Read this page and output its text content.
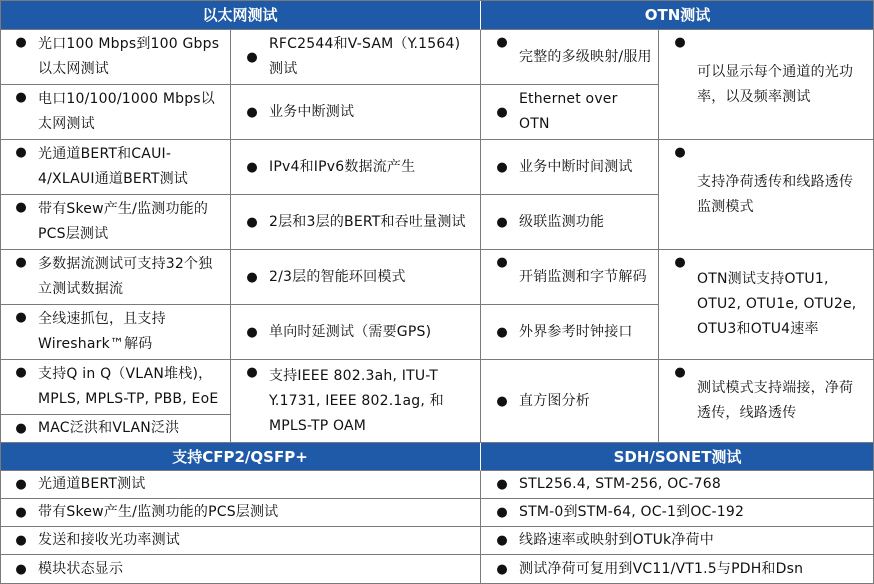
以太网测试	OTN测试
● 光口100 Mbps到100 Gbps以太网测试
● 电口10/100/1000 Mbps以太网测试
● 光通道BERT和CAUI-4/XLAUI通道BERT测试
● 带有Skew产生/监测功能的PCS层测试
● 多数据流测试可支持32个独立测试数据流
● 全线速抓包，且支持Wireshark™解码
● 支持Q in Q（VLAN堆栈)，MPLS, MPLS-TP, PBB, EoE
● MAC泛洪和VLAN泛洪
●
RFC2544和V-SAM（Y.1564)测试
● 业务中断测试
● IPv4和IPv6数据流产生
● 2层和3层的BERT和吞吐量测试
● 2/3层的智能环回模式
● 单向时延测试（需要GPS)
● 支持IEEE 802.3ah, ITU-T Y.1731, IEEE 802.1ag, 和MPLS-TP OAM
●
完整的多级映射/服用
●
Ethernet over OTN
● 业务中断时间测试
● 级联监测功能
●
开销监测和字节解码
● 外界参考时钟接口
● 直方图分析
●
可以显示每个通道的光功率，以及频率测试
●
支持净荷透传和线路透传监测模式
●
OTN测试支持OTU1, OTU2, OTU1e, OTU2e, OTU3和OTU4速率
●
测试模式支持端接，净荷透传，线路透传
支持CFP2/QSFP+	SDH/SONET测试
● 光通道BERT测试
● 带有Skew产生/监测功能的PCS层测试
● 发送和接收光功率测试
● 模块状态显示
● STL256.4, STM-256, OC-768
● STM-0到STM-64, OC-1到OC-192
● 线路速率或映射到OTUk净荷中
● 测试净荷可复用到VC11/VT1.5与PDH和Dsn
